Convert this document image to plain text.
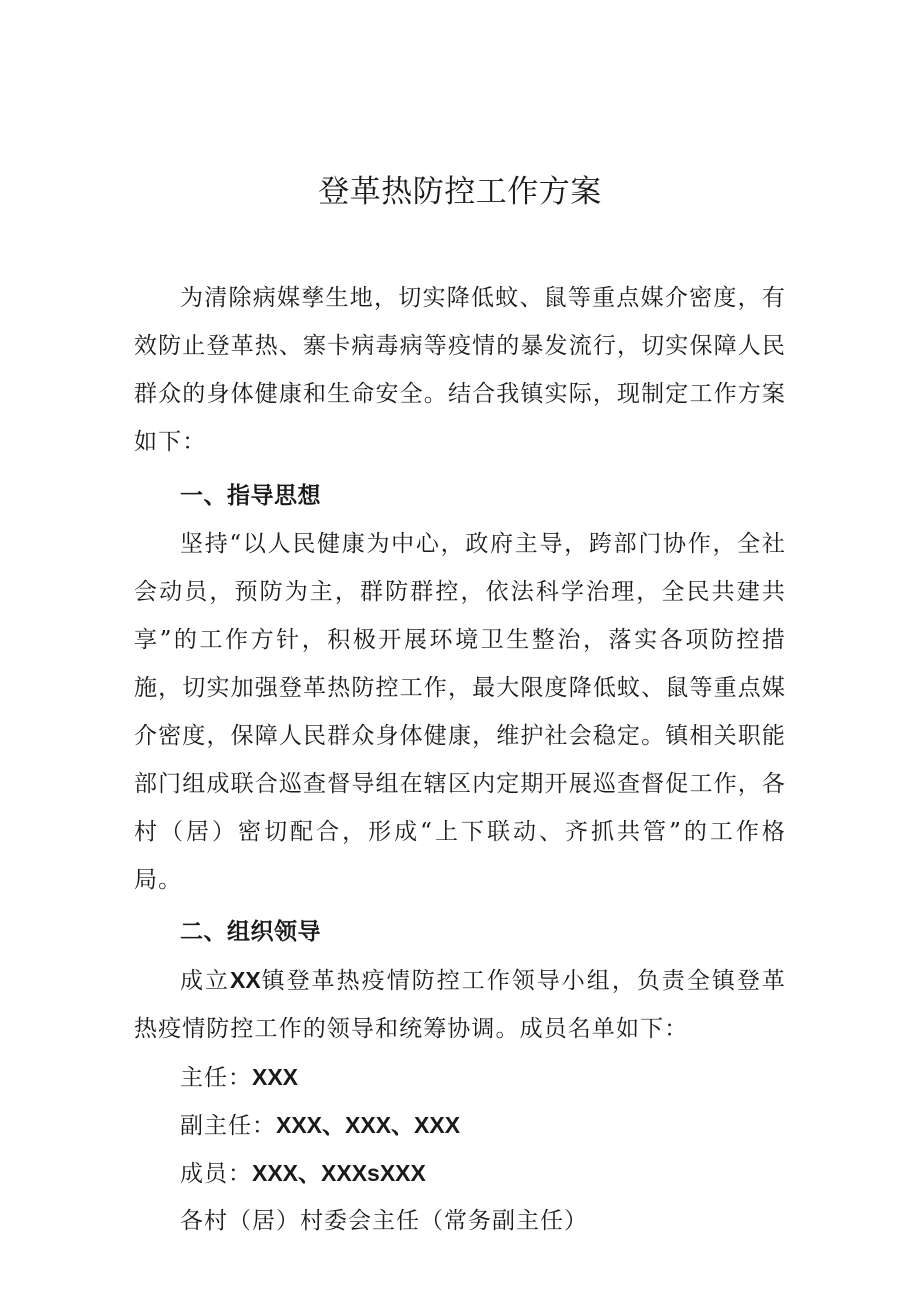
登革热防控工作方案

为清除病媒孳生地，切实降低蚊、鼠等重点媒介密度，有效防止登革热、寨卡病毒病等疫情的暴发流行，切实保障人民群众的身体健康和生命安全。结合我镇实际，现制定工作方案如下：

一、指导思想

坚持“以人民健康为中心，政府主导，跨部门协作，全社会动员，预防为主，群防群控，依法科学治理，全民共建共享”的工作方针，积极开展环境卫生整治，落实各项防控措施，切实加强登革热防控工作，最大限度降低蚊、鼠等重点媒介密度，保障人民群众身体健康，维护社会稳定。镇相关职能部门组成联合巡查督导组在辖区内定期开展巡查督促工作，各村（居）密切配合，形成“上下联动、齐抓共管”的工作格局。

二、组织领导

成立XX镇登革热疫情防控工作领导小组，负责全镇登革热疫情防控工作的领导和统筹协调。成员名单如下：

主任：XXX

副主任：XXX、XXX、XXX

成员：XXX、XXXsXXX

各村（居）村委会主任（常务副主任）
